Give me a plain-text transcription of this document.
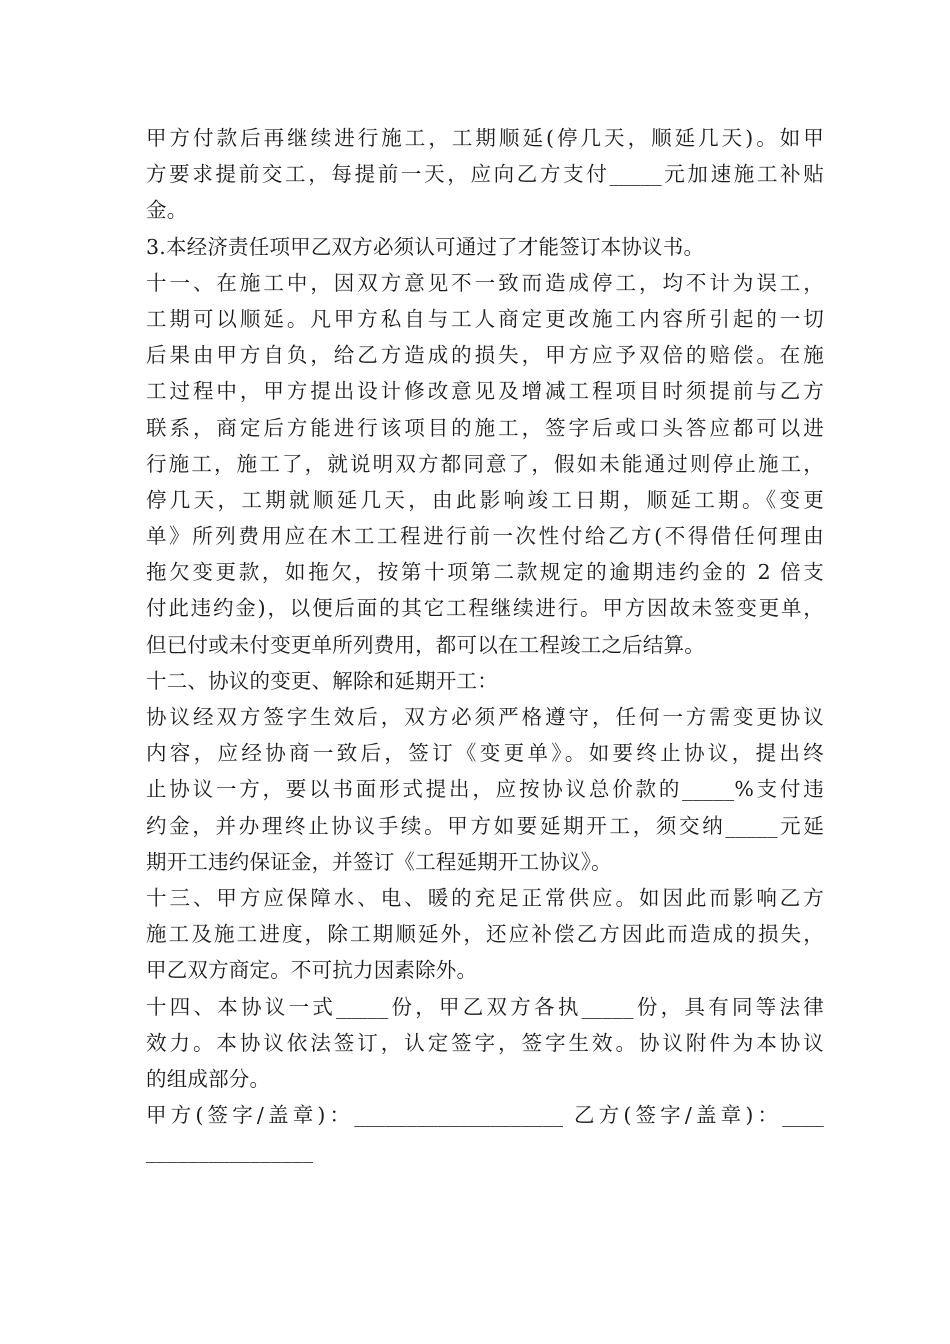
甲方付款后再继续进行施工，工期顺延(停几天，顺延几天)。如甲
方要求提前交工，每提前一天，应向乙方支付_____元加速施工补贴
金。
3.本经济责任项甲乙双方必须认可通过了才能签订本协议书。
十一、在施工中，因双方意见不一致而造成停工，均不计为误工，
工期可以顺延。凡甲方私自与工人商定更改施工内容所引起的一切
后果由甲方自负，给乙方造成的损失，甲方应予双倍的赔偿。在施
工过程中，甲方提出设计修改意见及增减工程项目时须提前与乙方
联系，商定后方能进行该项目的施工，签字后或口头答应都可以进
行施工，施工了，就说明双方都同意了，假如未能通过则停止施工，
停几天，工期就顺延几天，由此影响竣工日期，顺延工期。《变更
单》所列费用应在木工工程进行前一次性付给乙方(不得借任何理由
拖欠变更款，如拖欠，按第十项第二款规定的逾期违约金的 2 倍支
付此违约金)，以便后面的其它工程继续进行。甲方因故未签变更单，
但已付或未付变更单所列费用，都可以在工程竣工之后结算。
十二、协议的变更、解除和延期开工：
协议经双方签字生效后，双方必须严格遵守，任何一方需变更协议
内容，应经协商一致后，签订《变更单》。如要终止协议，提出终
止协议一方，要以书面形式提出，应按协议总价款的_____%支付违
约金，并办理终止协议手续。甲方如要延期开工，须交纳_____元延
期开工违约保证金，并签订《工程延期开工协议》。
十三、甲方应保障水、电、暖的充足正常供应。如因此而影响乙方
施工及施工进度，除工期顺延外，还应补偿乙方因此而造成的损失，
甲乙双方商定。不可抗力因素除外。
十四、本协议一式_____份，甲乙双方各执_____份，具有同等法律
效力。本协议依法签订，认定签字，签字生效。协议附件为本协议
的组成部分。
甲方(签字/盖章)：____________________ 乙方(签字/盖章)：____
________________
